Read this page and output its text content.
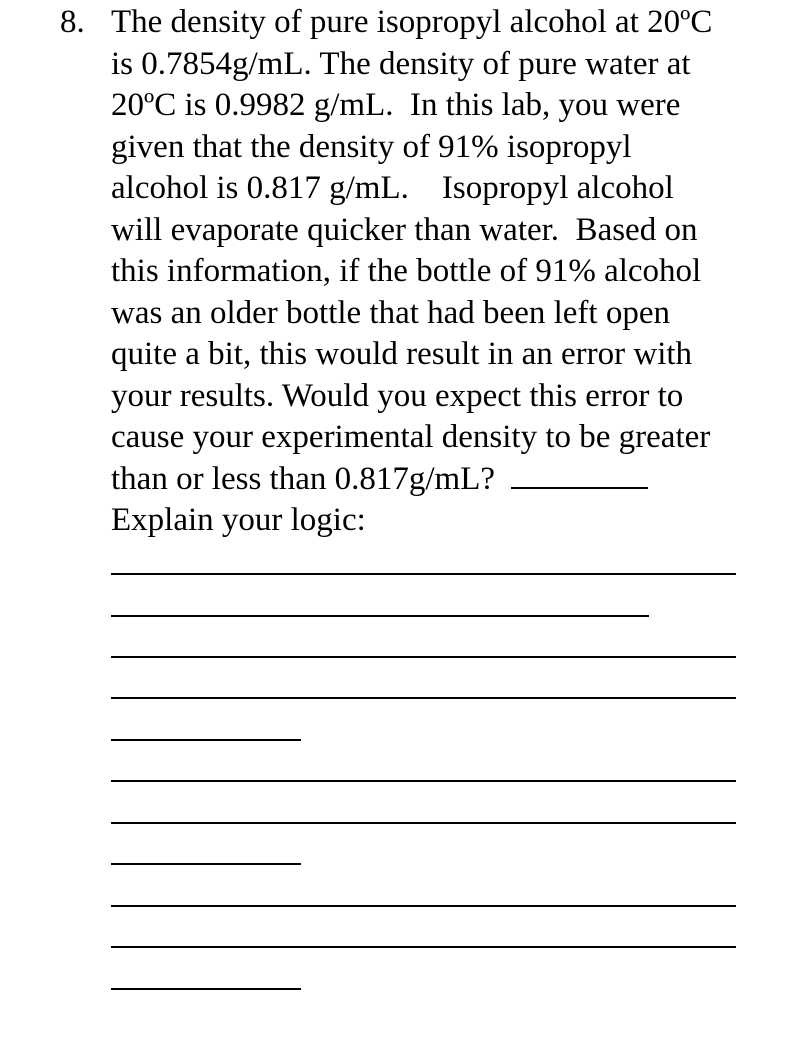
8. The density of pure isopropyl alcohol at 20ºC
is 0.7854g/mL. The density of pure water at
20ºC is 0.9982 g/mL.  In this lab, you were
given that the density of 91% isopropyl
alcohol is 0.817 g/mL.    Isopropyl alcohol
will evaporate quicker than water.  Based on
this information, if the bottle of 91% alcohol
was an older bottle that had been left open
quite a bit, this would result in an error with
your results. Would you expect this error to
cause your experimental density to be greater
than or less than 0.817g/mL?
Explain your logic:
